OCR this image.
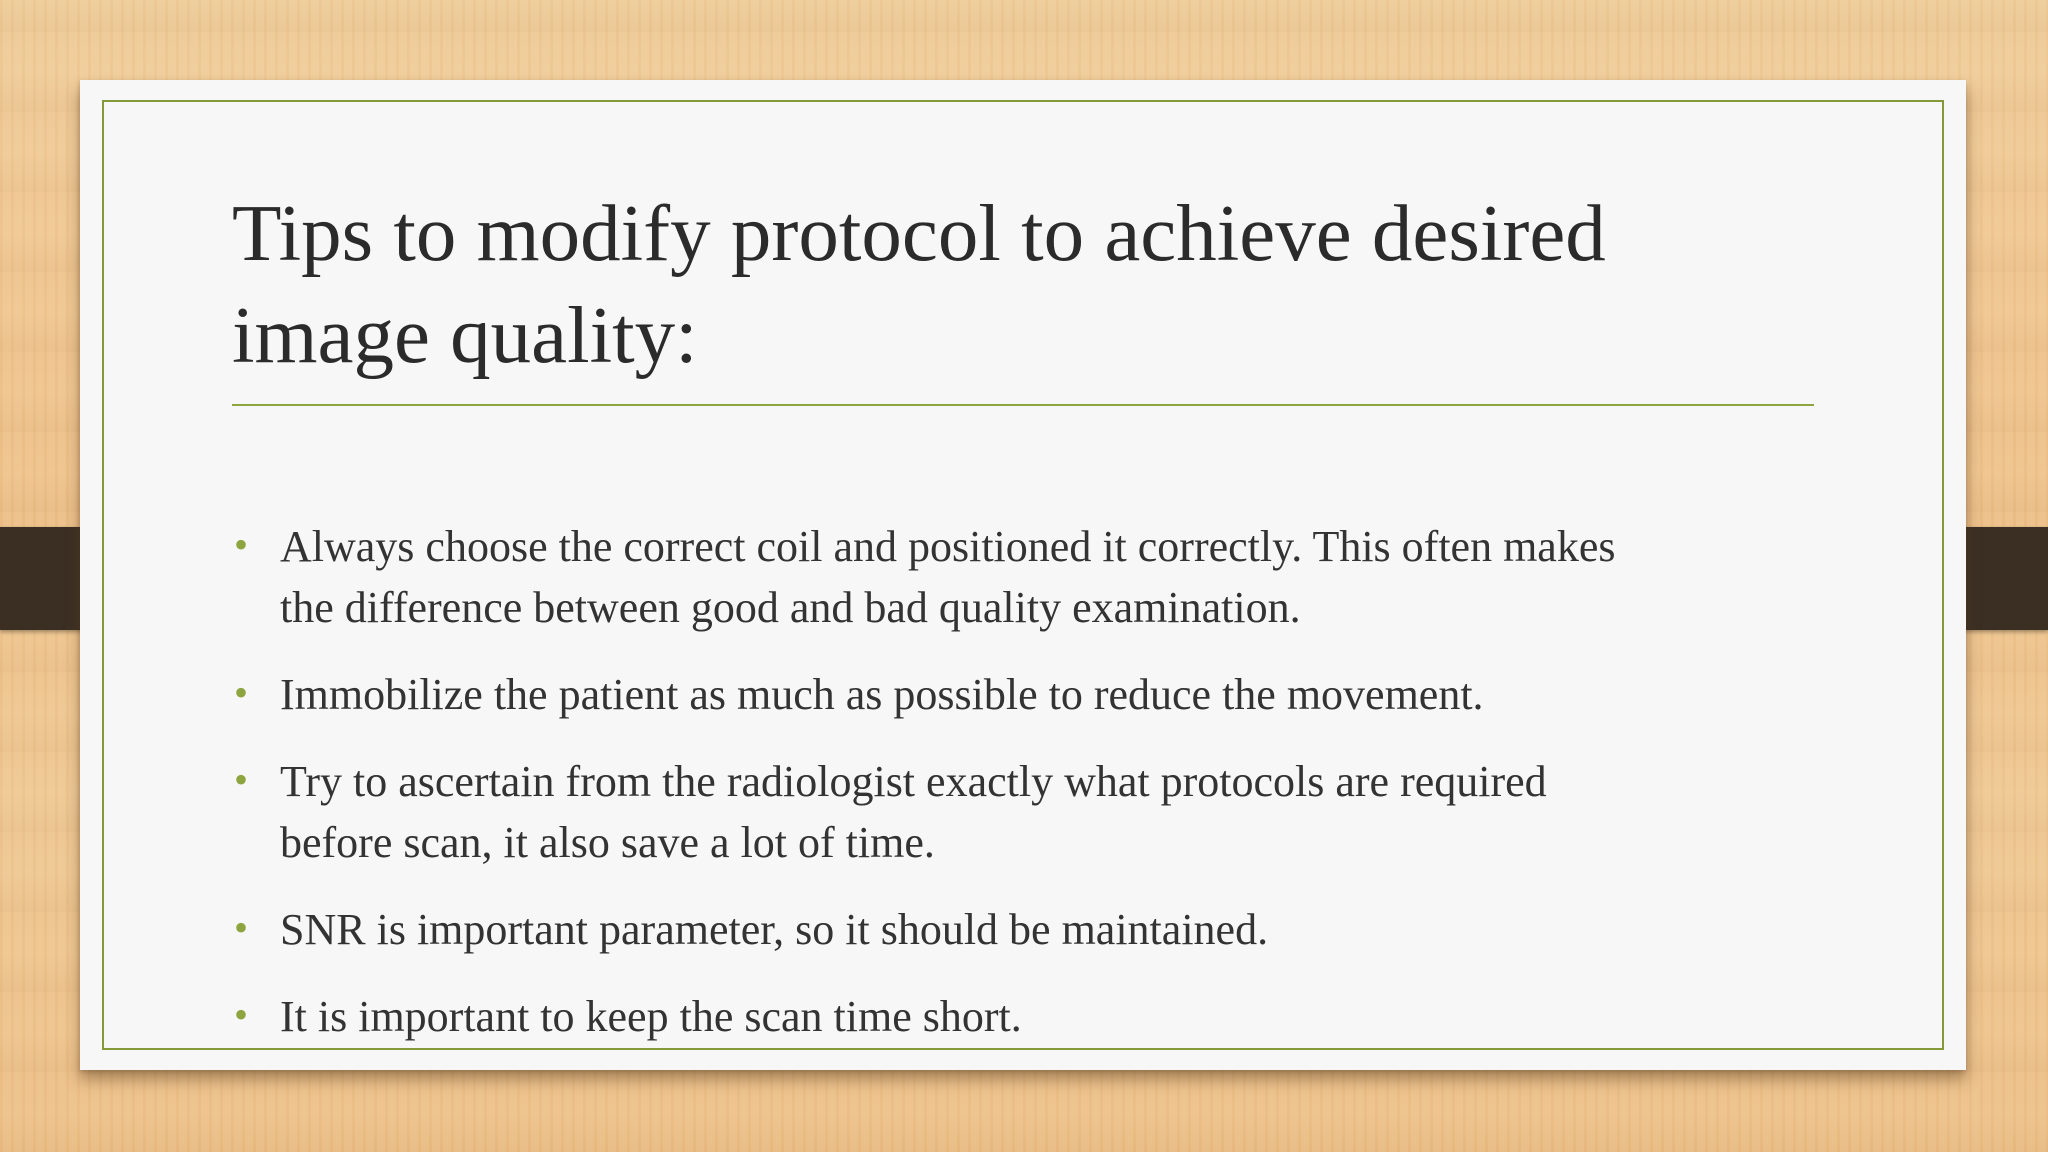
Tips to modify protocol to achieve desired
image quality:
• Always choose the correct coil and positioned it correctly. This often makes
the difference between good and bad quality examination.
• Immobilize the patient as much as possible to reduce the movement.
• Try to ascertain from the radiologist exactly what protocols are required
before scan, it also save a lot of time.
• SNR is important parameter, so it should be maintained.
• It is important to keep the scan time short.
